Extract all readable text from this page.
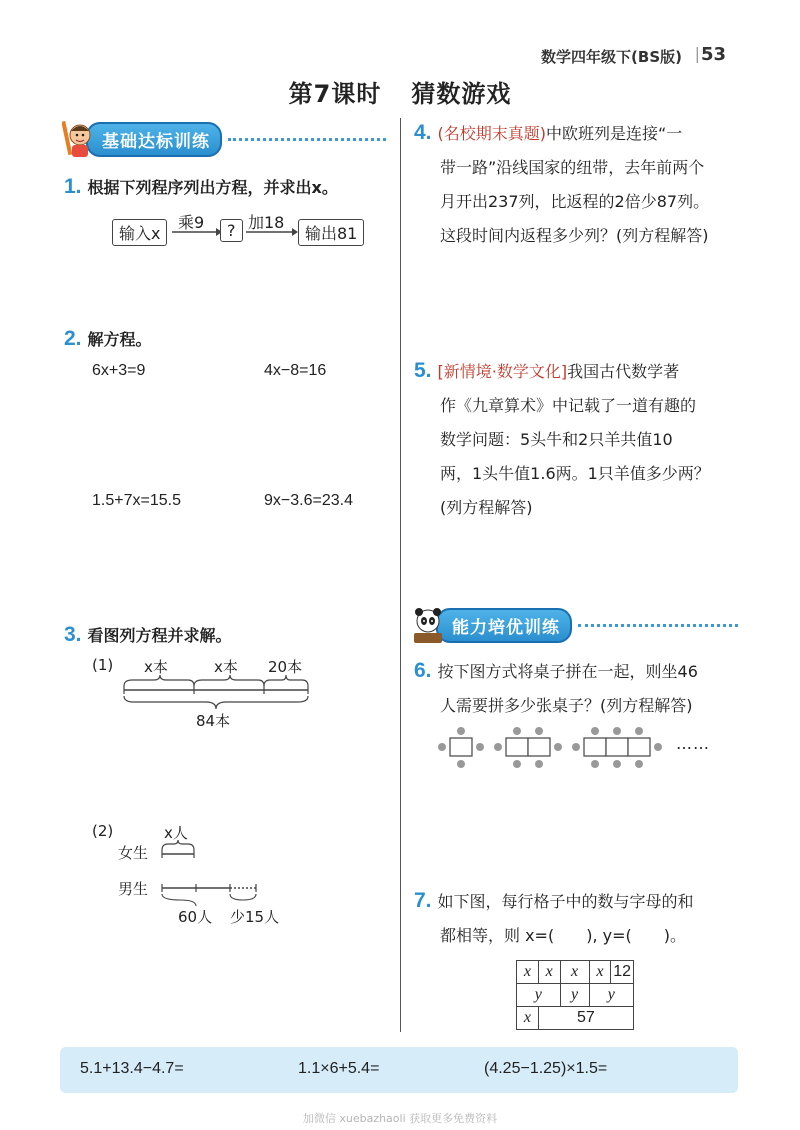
数学四年级下(BS版) | 53
第7课时 猜数游戏
基础达标训练
1. 根据下列程序列出方程，并求出x。
输入x
乘9	? 加18
输出81
2. 解方程。
6x+3=9	4x−8=16
1.5+7x=15.5	9x−3.6=23.4
3. 看图列方程并求解。
(1) x本	x本 20本
84本
(2)	x人
女生
男生
60人 少15人
4. (名校期末真题)中欧班列是连接“一
带一路”沿线国家的纽带，去年前两个
月开出237列，比返程的2倍少87列。
这段时间内返程多少列？(列方程解答)
5. [新情境·数学文化]我国古代数学著
作《九章算术》中记载了一道有趣的
数学问题：5头牛和2只羊共值10
两，1头牛值1.6两。1只羊值多少两？
(列方程解答)
能力培优训练
6. 按下图方式将桌子拼在一起，则坐46
人需要拼多少张桌子？(列方程解答)
……
7. 如下图，每行格子中的数与字母的和
都相等，则 x=(　　), y=(　　)。
x	x	x	x	12
y		y	y	
x	57			
5.1+13.4−4.7=	1.1×6+5.4=	(4.25−1.25)×1.5=
加微信 xuebazhaoli 获取更多免费资料
